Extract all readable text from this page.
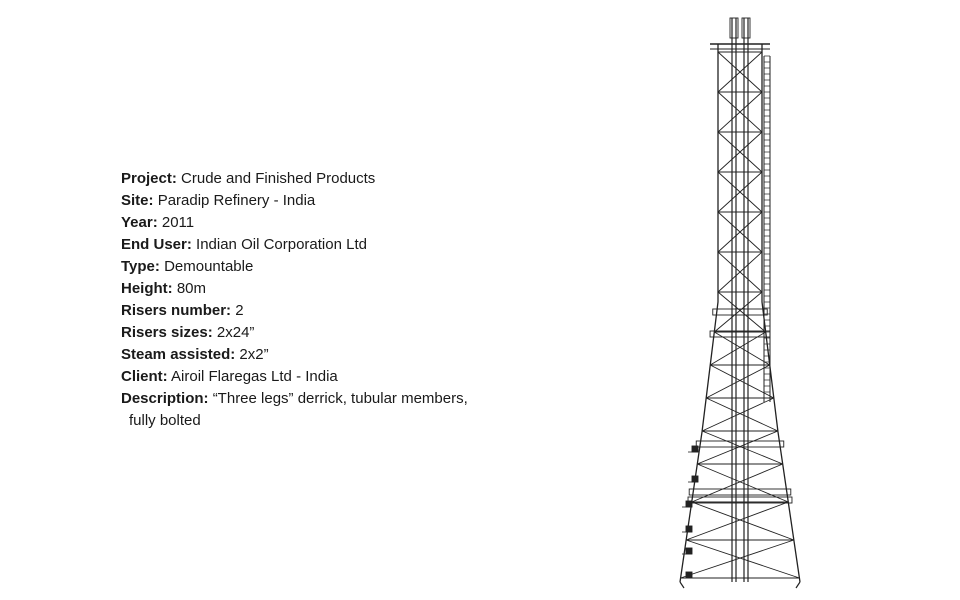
Project: Crude and Finished Products

Site: Paradip Refinery - India

Year: 2011

End User: Indian Oil Corporation Ltd

Type: Demountable

Height: 80m

Risers number: 2

Risers sizes: 2x24”

Steam assisted: 2x2”

Client: Airoil Flaregas Ltd - India

Description: “Three legs” derrick, tubular members, fully bolted
